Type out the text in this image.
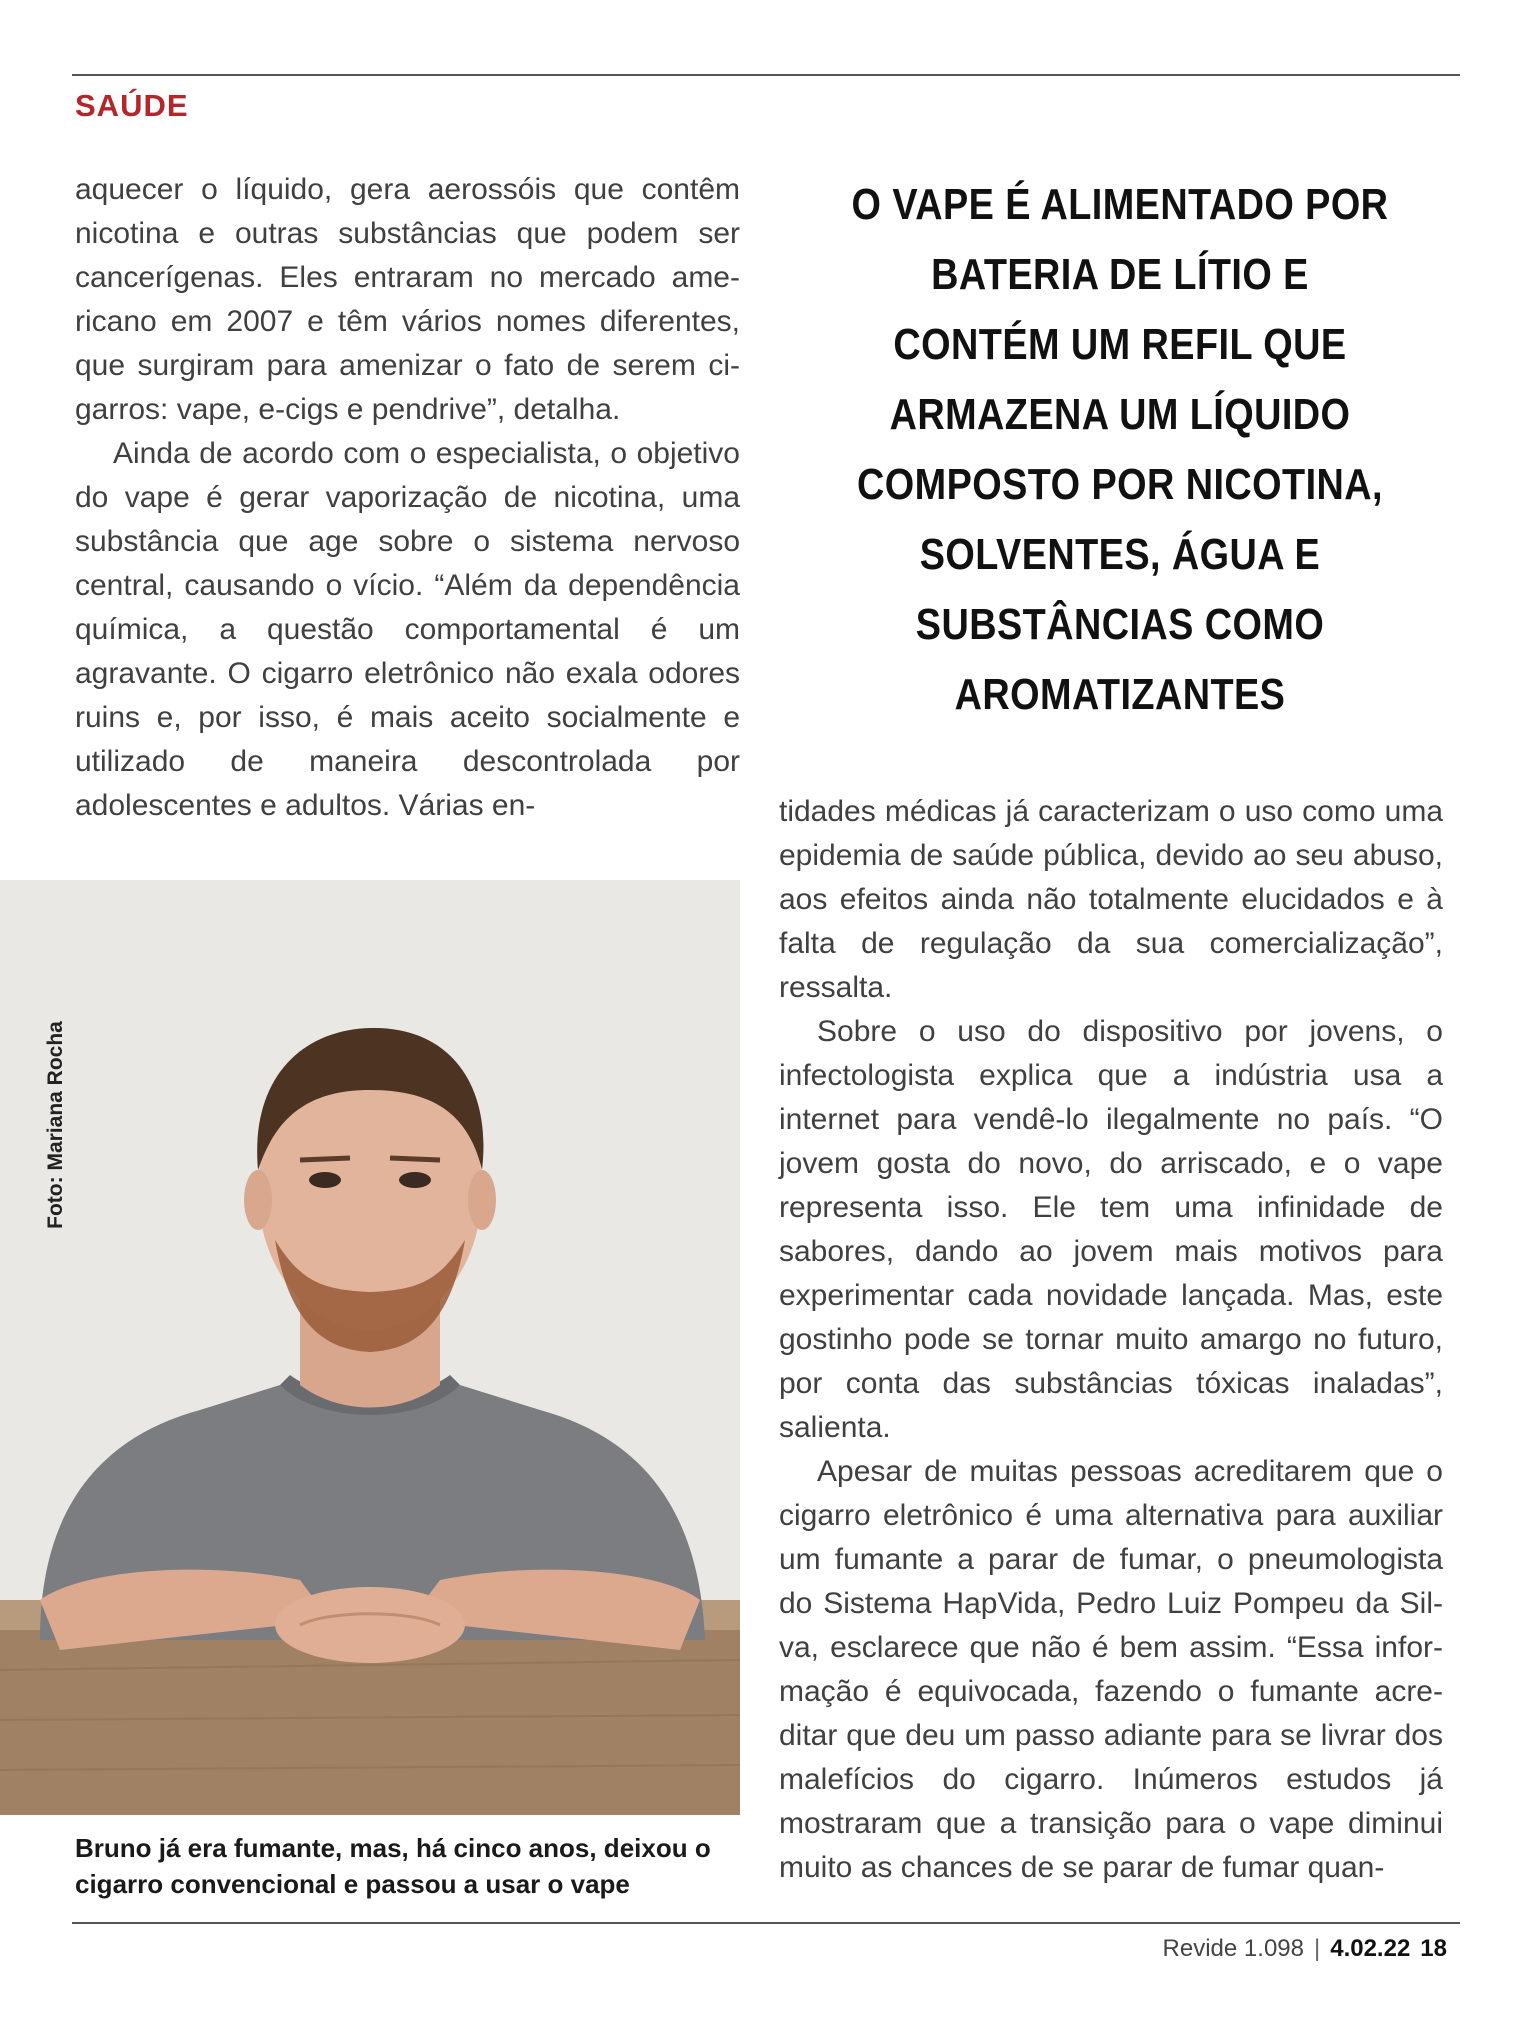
SAÚDE

aquecer o líquido, gera aerossóis que contêm nicotina e outras substâncias que podem ser cancerígenas. Eles entraram no mercado americano em 2007 e têm vários nomes diferentes, que surgiram para amenizar o fato de serem cigarros: vape, e-cigs e pendrive”, detalha.

Ainda de acordo com o especialista, o objetivo do vape é gerar vaporização de nicotina, uma substância que age sobre o sistema nervoso central, causando o vício. “Além da dependência química, a questão comportamental é um agravante. O cigarro eletrônico não exala odores ruins e, por isso, é mais aceito socialmente e utilizado de maneira descontrolada por adolescentes e adultos. Várias en-

O VAPE É ALIMENTADO POR BATERIA DE LÍTIO E CONTÉM UM REFIL QUE ARMAZENA UM LÍQUIDO COMPOSTO POR NICOTINA, SOLVENTES, ÁGUA E SUBSTÂNCIAS COMO AROMATIZANTES
Foto: Mariana Rocha
Bruno já era fumante, mas, há cinco anos, deixou o cigarro convencional e passou a usar o vape

tidades médicas já caracterizam o uso como uma epidemia de saúde pública, devido ao seu abuso, aos efeitos ainda não totalmente elucidados e à falta de regulação da sua comercialização”, ressalta.

Sobre o uso do dispositivo por jovens, o infectologista explica que a indústria usa a internet para vendê-lo ilegalmente no país. “O jovem gosta do novo, do arriscado, e o vape representa isso. Ele tem uma infinidade de sabores, dando ao jovem mais motivos para experimentar cada novidade lançada. Mas, este gostinho pode se tornar muito amargo no futuro, por conta das substâncias tóxicas inaladas”, salienta.

Apesar de muitas pessoas acreditarem que o cigarro eletrônico é uma alternativa para auxiliar um fumante a parar de fumar, o pneumologista do Sistema HapVida, Pedro Luiz Pompeu da Silva, esclarece que não é bem assim. “Essa informação é equivocada, fazendo o fumante acreditar que deu um passo adiante para se livrar dos malefícios do cigarro. Inúmeros estudos já mostraram que a transição para o vape diminui muito as chances de se parar de fumar quan-

Revide 1.098 | 4.02.22 18
